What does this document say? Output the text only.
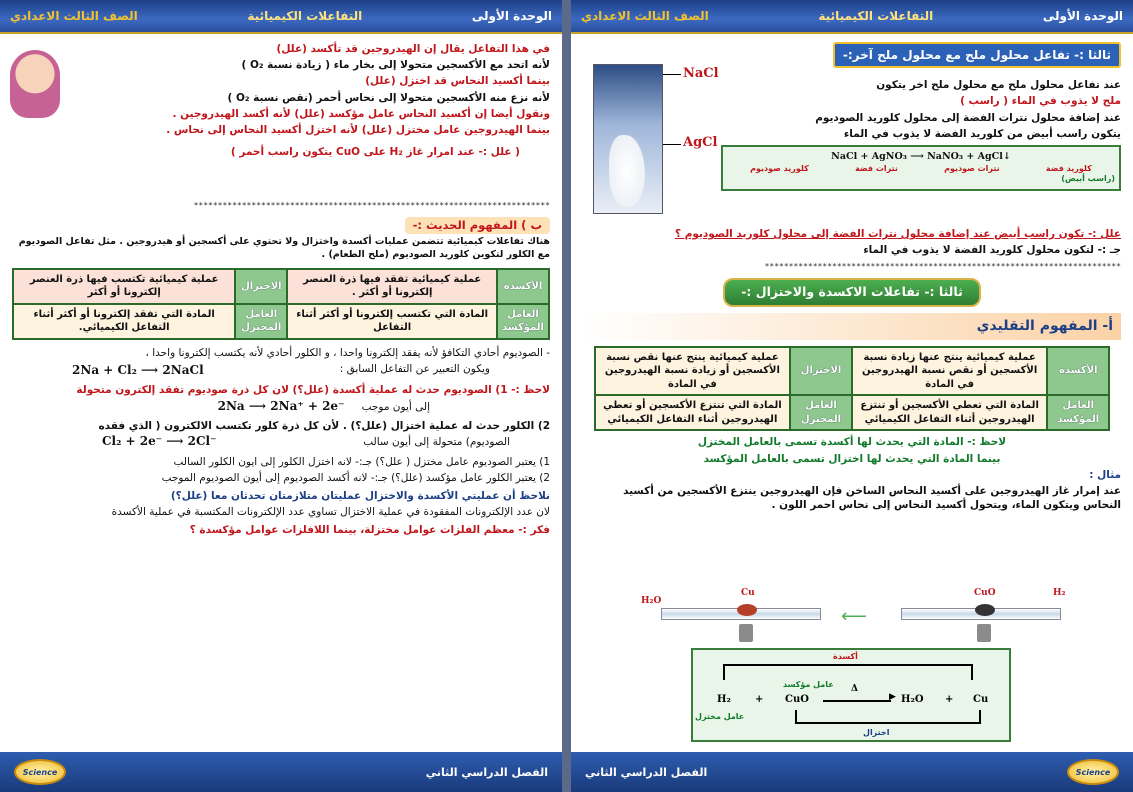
الصف الثالث الاعدادي	التفاعلات الكيميائية	الوحدة الأولى
في هذا التفاعل يقال إن الهيدروجين قد تأكسد (علل)
لأنه اتحد مع الأكسجين متحولا إلى بخار ماء ( زيادة نسبة O₂ )
بينما أكسيد النحاس قد اختزل (علل)
لأنه نزع منه الأكسجين متحولا إلى نحاس أحمر (نقص نسبة O₂ )
ونقول أيضا إن أكسيد النحاس عامل مؤكسد (علل) لأنه أكسد الهيدروجين .
بينما الهيدروجين عامل مختزل (علل) لأنه اختزل أكسيد النحاس إلى نحاس .
( علل :- عند امرار غاز H₂ على CuO يتكون راسب أحمر )
**************************************************************************
ب ) المفهوم الحديث :-
هناك تفاعلات كيميائية تتضمن عمليات أكسدة واختزال ولا تحتوي على أكسجين أو هيدروجين . مثل تفاعل الصوديوم مع الكلور لتكوين كلوريد الصوديوم (ملح الطعام) .
الأكسدة	عملية كيميائية تفقد فيها ذرة العنصر إلكترونا أو أكثر .	الاختزال	عملية كيميائية تكتسب فيها ذرة العنصر إلكترونا أو أكثر
العامل المؤكسد	المادة التي تكتسب إلكترونا أو أكثر أثناء التفاعل	العامل المختزل	المادة التي تفقد إلكترونا أو أكثر أثناء التفاعل الكيميائي.
- الصوديوم أحادي التكافؤ لأنه يفقد إلكترونا واحدا ، و الكلور أحادي لأنه يكتسب إلكترونا واحدا ،
ويكون التعبير عن التفاعل السابق :
2Na + Cl₂ ⟶ 2NaCl
لاحظ :- 1) الصوديوم حدث له عملية أكسدة (علل؟) لان كل ذرة صوديوم تفقد إلكترون متحولة
إلى أيون موجب
2Na ⟶ 2Na⁺ + 2e⁻
2) الكلور حدث له عملية اختزال (علل؟) . لأن كل ذرة كلور تكتسب الالكترون ( الذي فقده
الصوديوم) متحولة إلى أيون سالب
Cl₂ + 2e⁻ ⟶ 2Cl⁻
1) يعتبر الصوديوم عامل مختزل ( علل؟) جـ:- لانه اختزل الكلور إلى ايون الكلور السالب
2) يعتبر الكلور عامل مؤكسد (علل؟) جـ:- لانه أكسد الصوديوم إلى أيون الصوديوم الموجب
نلاحظ أن عمليتي الأكسدة والاختزال عمليتان متلازمتان تحدثان معا (علل؟)
لان عدد الإلكترونات المفقودة في عملية الاختزال تساوي عدد الإلكترونات المكتسبة في عملية الأكسدة
فكر :- معظم الفلزات عوامل مختزلة، بينما اللافلزات عوامل مؤكسدة ؟
Science	الفصل الدراسي الثاني
الصف الثالث الاعدادي	التفاعلات الكيميائية	الوحدة الأولى
NaCl
AgCl
ثالثا :- تفاعل محلول ملح مع محلول ملح آخر:-
عند تفاعل محلول ملح مع محلول ملح اخر يتكون
ملح لا يذوب في الماء ( راسب )
عند إضافة محلول نترات الفضة إلى محلول كلوريد الصوديوم
يتكون راسب أبيض من كلوريد الفضة لا يذوب في الماء
NaCl + AgNO₃ ⟶ NaNO₃ + AgCl↓
كلوريد صوديوم	نترات فضة	نترات صوديوم	كلوريد فضة
(راسب أبيض)
علل :- تكون راسب أبيض عند إضافة محلول نترات الفضة إلى محلول كلوريد الصوديوم ؟
جـ :- لتكون محلول كلوريد الفضة لا يذوب في الماء
**************************************************************************
ثالثا :- تفاعلات الاكسدة والاختزال :-
أ- المفهوم التقليدي
الأكسدة	عملية كيميائية ينتج عنها زيادة نسبة الأكسجين أو نقص نسبة الهيدروجين في المادة	الاختزال	عملية كيميائية ينتج عنها نقص نسبة الأكسجين أو زيادة نسبة الهيدروجين في المادة
العامل المؤكسد	المادة التي تعطي الأكسجين أو تنتزع الهيدروجين أثناء التفاعل الكيميائي	العامل المختزل	المادة التي تنتزع الأكسجين أو تعطي الهيدروجين أثناء التفاعل الكيميائي
لاحظ :- المادة التي يحدث لها أكسدة تسمى بالعامل المختزل
بينما المادة التي يحدث لها اختزال تسمى بالعامل المؤكسد
مثال :
عند إمرار غاز الهيدروجين على أكسيد النحاس الساخن فإن الهيدروجين ينتزع الأكسجين من أكسيد النحاس ويتكون الماء، ويتحول أكسيد النحاس إلى نحاس احمر اللون .
⟵
H₂O
Cu	CuO	H₂
أكسدة
عامل مؤكسد
عامل مختزل
H₂ + CuO
Δ
▶ H₂O + Cu
اختزال
الفصل الدراسي الثاني	Science
